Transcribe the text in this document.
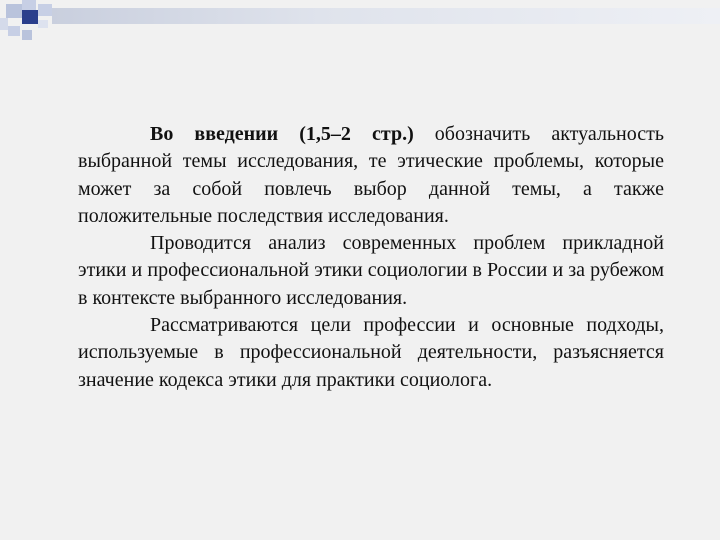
Во введении (1,5–2 стр.) обозначить актуальность выбранной темы исследования, те этические проблемы, которые может за собой повлечь выбор данной темы, а также положительные последствия исследования.

Проводится анализ современных проблем прикладной этики и профессиональной этики социологии в России и за рубежом в контексте выбранного исследования.

Рассматриваются цели профессии и основные подходы, используемые в профессиональной деятельности, разъясняется значение кодекса этики для практики социолога.
